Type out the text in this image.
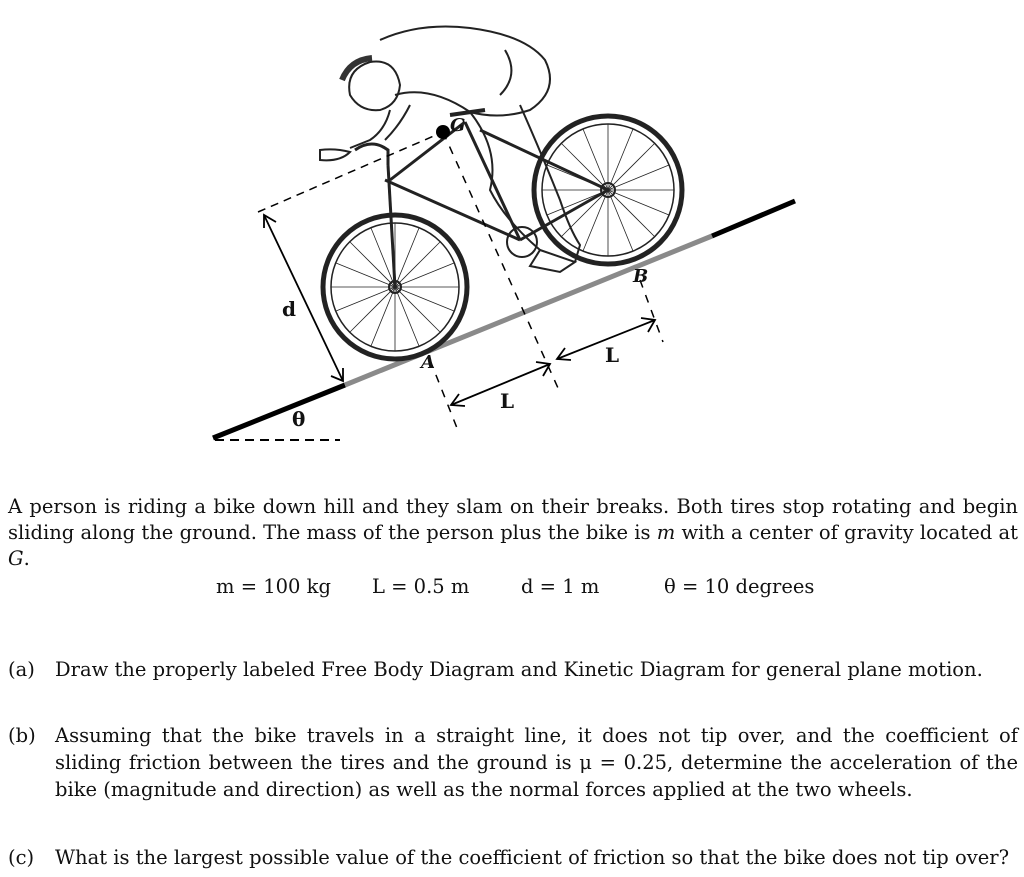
G
d
L
L
A
B
θ

A person is riding a bike down hill and they slam on their breaks. Both tires stop rotating and begin sliding along the ground. The mass of the person plus the bike is m with a center of gravity located at G.

m = 100 kg L = 0.5 m	d = 1 m	θ = 10 degrees
(a) Draw the properly labeled Free Body Diagram and Kinetic Diagram for general plane motion.
(b) Assuming that the bike travels in a straight line, it does not tip over, and the coefficient of sliding friction between the tires and the ground is μ = 0.25, determine the acceleration of the bike (magnitude and direction) as well as the normal forces applied at the two wheels.
(c) What is the largest possible value of the coefficient of friction so that the bike does not tip over?
